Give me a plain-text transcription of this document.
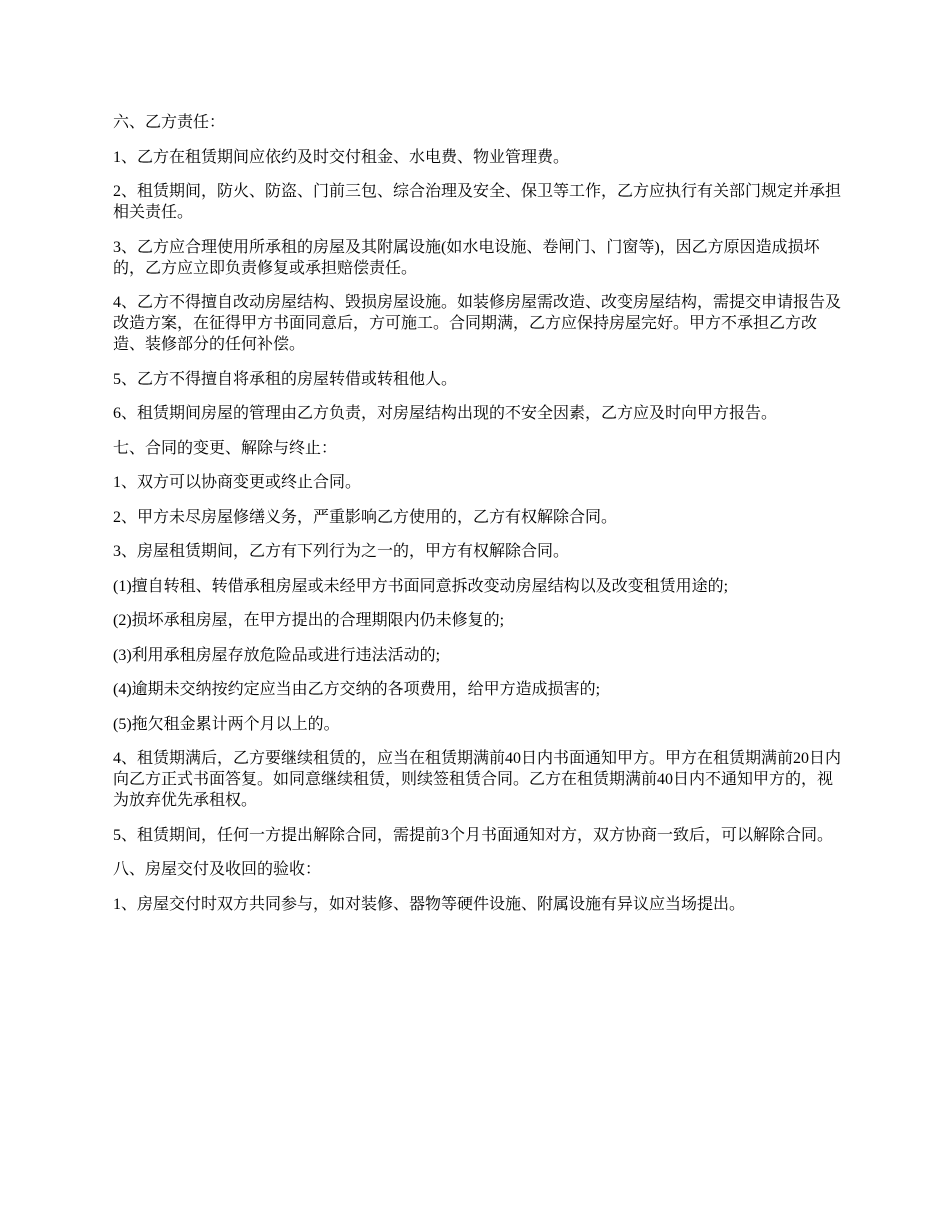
六、乙方责任：

1、乙方在租赁期间应依约及时交付租金、水电费、物业管理费。

2、租赁期间，防火、防盗、门前三包、综合治理及安全、保卫等工作，乙方应执行有关部门规定并承担相关责任。

3、乙方应合理使用所承租的房屋及其附属设施(如水电设施、卷闸门、门窗等)，因乙方原因造成损坏的，乙方应立即负责修复或承担赔偿责任。

4、乙方不得擅自改动房屋结构、毁损房屋设施。如装修房屋需改造、改变房屋结构，需提交申请报告及改造方案，在征得甲方书面同意后，方可施工。合同期满，乙方应保持房屋完好。甲方不承担乙方改造、装修部分的任何补偿。

5、乙方不得擅自将承租的房屋转借或转租他人。

6、租赁期间房屋的管理由乙方负责，对房屋结构出现的不安全因素，乙方应及时向甲方报告。

七、合同的变更、解除与终止：

1、双方可以协商变更或终止合同。

2、甲方未尽房屋修缮义务，严重影响乙方使用的，乙方有权解除合同。

3、房屋租赁期间，乙方有下列行为之一的，甲方有权解除合同。

(1)擅自转租、转借承租房屋或未经甲方书面同意拆改变动房屋结构以及改变租赁用途的;

(2)损坏承租房屋，在甲方提出的合理期限内仍未修复的;

(3)利用承租房屋存放危险品或进行违法活动的;

(4)逾期未交纳按约定应当由乙方交纳的各项费用，给甲方造成损害的;

(5)拖欠租金累计两个月以上的。

4、租赁期满后，乙方要继续租赁的，应当在租赁期满前40日内书面通知甲方。甲方在租赁期满前20日内向乙方正式书面答复。如同意继续租赁，则续签租赁合同。乙方在租赁期满前40日内不通知甲方的，视为放弃优先承租权。

5、租赁期间，任何一方提出解除合同，需提前3个月书面通知对方，双方协商一致后，可以解除合同。

八、房屋交付及收回的验收：

1、房屋交付时双方共同参与，如对装修、器物等硬件设施、附属设施有异议应当场提出。
